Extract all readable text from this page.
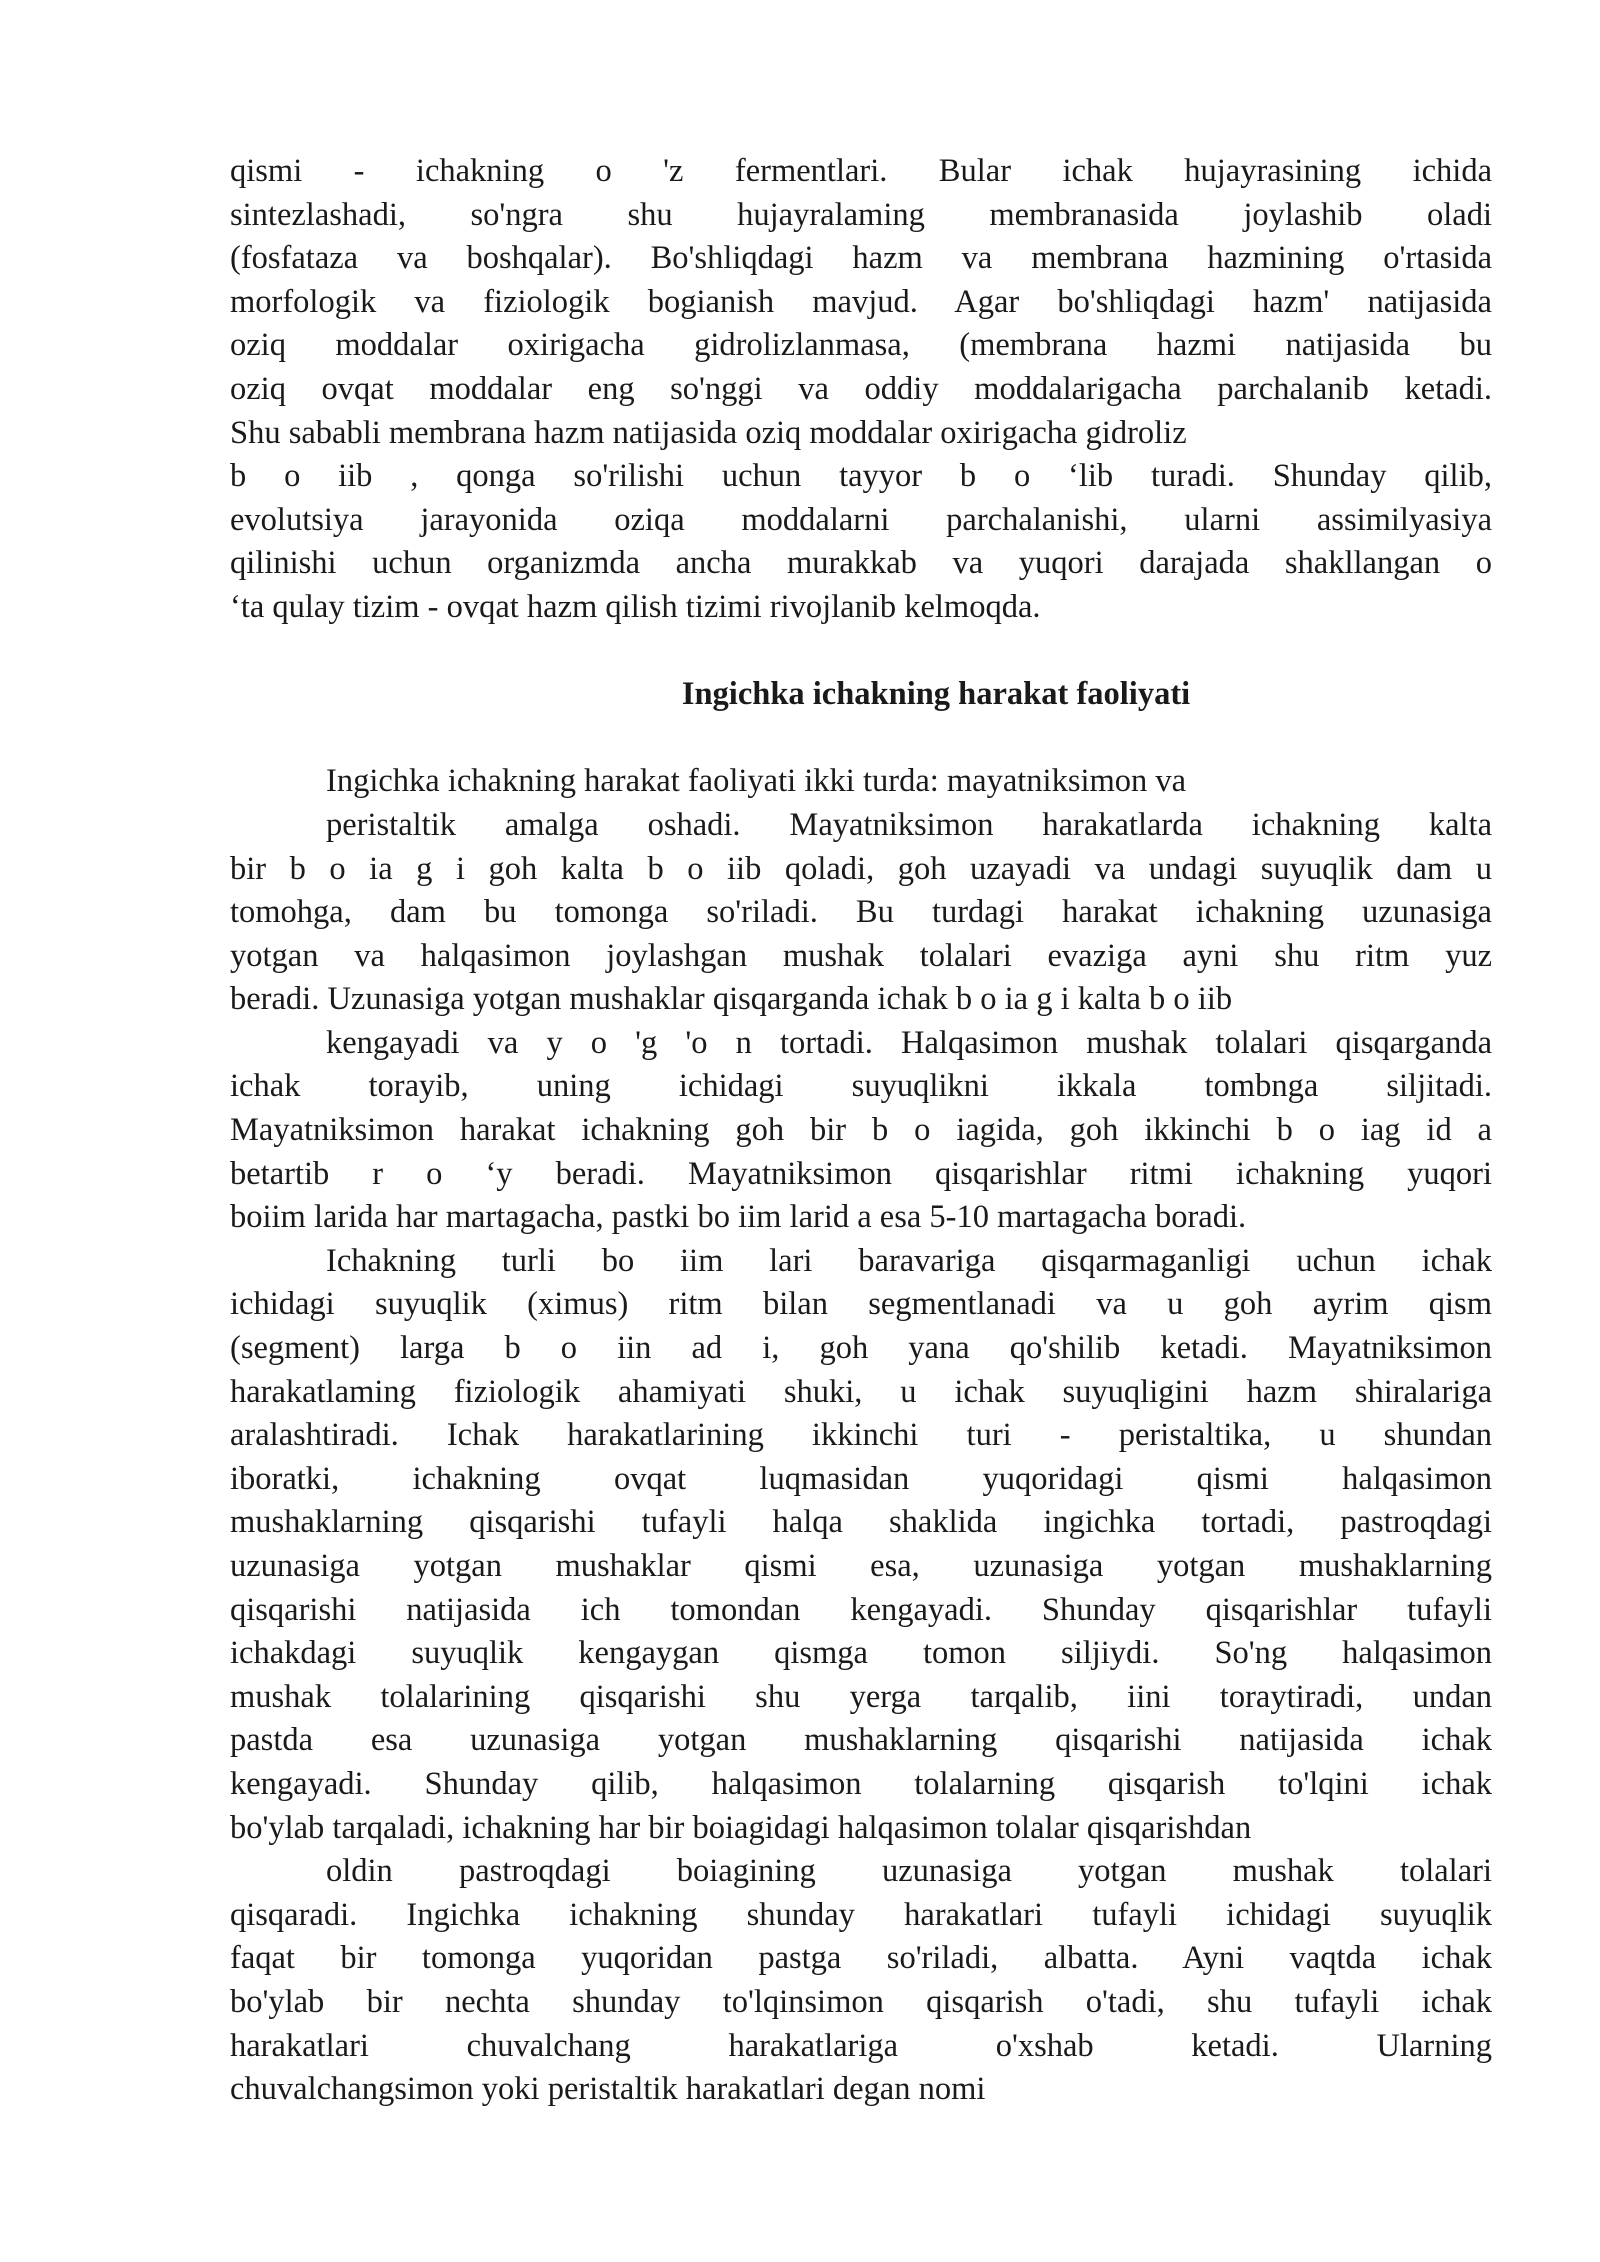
qismi - ichakning o 'z fermentlari. Bular ichak hujayrasining ichida
sintezlashadi, so'ngra shu hujayralaming membranasida joylashib oladi
(fosfataza va boshqalar). Bo'shliqdagi hazm va membrana hazmining o'rtasida
morfologik va fiziologik bogianish mavjud. Agar bo'shliqdagi hazm' natijasida
oziq moddalar oxirigacha gidrolizlanmasa, (membrana hazmi natijasida bu
oziq ovqat moddalar eng so'nggi va oddiy moddalarigacha parchalanib ketadi.
Shu sababli membrana hazm natijasida oziq moddalar oxirigacha gidroliz
b o iib , qonga so'rilishi uchun tayyor b o ‘lib turadi. Shunday qilib,
evolutsiya jarayonida oziqa moddalarni parchalanishi, ularni assimilyasiya
qilinishi uchun organizmda ancha murakkab va yuqori darajada shakllangan o
‘ta qulay tizim - ovqat hazm qilish tizimi rivojlanib kelmoqda.
Ingichka ichakning harakat faoliyati
Ingichka ichakning harakat faoliyati ikki turda: mayatniksimon va
peristaltik amalga oshadi. Mayatniksimon harakatlarda ichakning kalta
bir b o ia g i goh kalta b o iib qoladi, goh uzayadi va undagi suyuqlik dam u
tomohga, dam bu tomonga so'riladi. Bu turdagi harakat ichakning uzunasiga
yotgan va halqasimon joylashgan mushak tolalari evaziga ayni shu ritm yuz
beradi. Uzunasiga yotgan mushaklar qisqarganda ichak b o ia g i kalta b o iib
kengayadi va y o 'g 'o n tortadi. Halqasimon mushak tolalari qisqarganda
ichak torayib, uning ichidagi suyuqlikni ikkala tombnga siljitadi.
Mayatniksimon harakat ichakning goh bir b o iagida, goh ikkinchi b o iag id a
betartib r o ‘y beradi. Mayatniksimon qisqarishlar ritmi ichakning yuqori
boiim larida har martagacha, pastki bo iim larid a esa 5-10 martagacha boradi.
Ichakning turli bo iim lari baravariga qisqarmaganligi uchun ichak
ichidagi suyuqlik (ximus) ritm bilan segmentlanadi va u goh ayrim qism
(segment) larga b o iin ad i, goh yana qo'shilib ketadi. Mayatniksimon
harakatlaming fiziologik ahamiyati shuki, u ichak suyuqligini hazm shiralariga
aralashtiradi. Ichak harakatlarining ikkinchi turi - peristaltika, u shundan
iboratki, ichakning ovqat luqmasidan yuqoridagi qismi halqasimon
mushaklarning qisqarishi tufayli halqa shaklida ingichka tortadi, pastroqdagi
uzunasiga yotgan mushaklar qismi esa, uzunasiga yotgan mushaklarning
qisqarishi natijasida ich tomondan kengayadi. Shunday qisqarishlar tufayli
ichakdagi suyuqlik kengaygan qismga tomon siljiydi. So'ng halqasimon
mushak tolalarining qisqarishi shu yerga tarqalib, iini toraytiradi, undan
pastda esa uzunasiga yotgan mushaklarning qisqarishi natijasida ichak
kengayadi. Shunday qilib, halqasimon tolalarning qisqarish to'lqini ichak
bo'ylab tarqaladi, ichakning har bir boiagidagi halqasimon tolalar qisqarishdan
oldin pastroqdagi boiagining uzunasiga yotgan mushak tolalari
qisqaradi. Ingichka ichakning shunday harakatlari tufayli ichidagi suyuqlik
faqat bir tomonga yuqoridan pastga so'riladi, albatta. Ayni vaqtda ichak
bo'ylab bir nechta shunday to'lqinsimon qisqarish o'tadi, shu tufayli ichak
harakatlari chuvalchang harakatlariga o'xshab ketadi. Ularning
chuvalchangsimon yoki peristaltik harakatlari degan nomi
